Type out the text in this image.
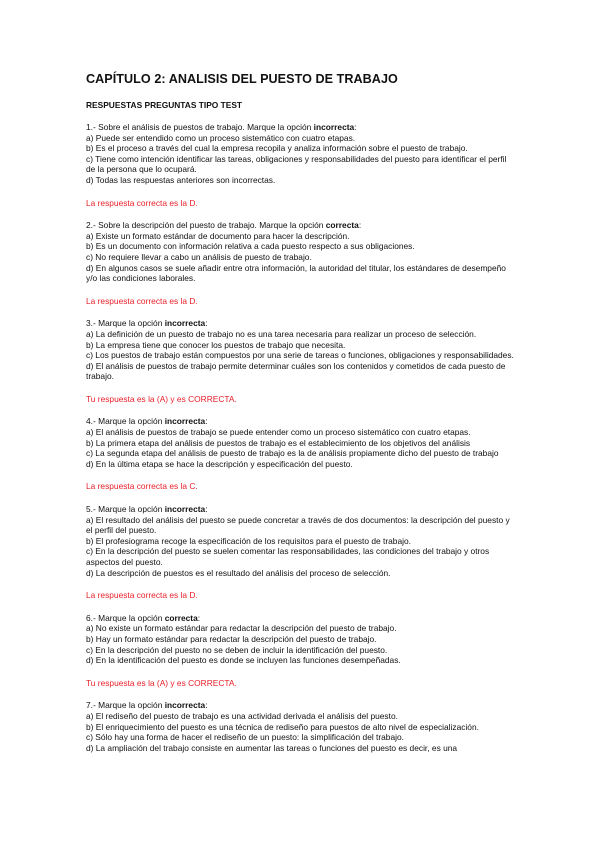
CAPÍTULO 2: ANALISIS DEL PUESTO DE TRABAJO
RESPUESTAS PREGUNTAS TIPO TEST

1.- Sobre el análisis de puestos de trabajo. Marque la opción incorrecta:

a) Puede ser entendido como un proceso sistemático con cuatro etapas.

b) Es el proceso a través del cual la empresa recopila y analiza información sobre el puesto de trabajo.

c) Tiene como intención identificar las tareas, obligaciones y responsabilidades del puesto para identificar el perfil de la persona que lo ocupará.

d) Todas las respuestas anteriores son incorrectas.

La respuesta correcta es la D.

2.- Sobre la descripción del puesto de trabajo. Marque la opción correcta:

a) Existe un formato estándar de documento para hacer la descripción.

b) Es un documento con información relativa a cada puesto respecto a sus obligaciones.

c) No requiere llevar a cabo un análisis de puesto de trabajo.

d) En algunos casos se suele añadir entre otra información, la autoridad del titular, los estándares de desempeño y/o las condiciones laborales.

La respuesta correcta es la D.

3.- Marque la opción incorrecta:

a) La definición de un puesto de trabajo no es una tarea necesaria para realizar un proceso de selección.

b) La empresa tiene que conocer los puestos de trabajo que necesita.

c) Los puestos de trabajo están compuestos por una serie de tareas o funciones, obligaciones y responsabilidades.

d) El análisis de puestos de trabajo permite determinar cuáles son los contenidos y cometidos de cada puesto de trabajo.

Tu respuesta es la (A) y es CORRECTA.

4.- Marque la opción incorrecta:

a) El análisis de puestos de trabajo se puede entender como un proceso sistemático con cuatro etapas.

b) La primera etapa del análisis de puestos de trabajo es el establecimiento de los objetivos del análisis

c) La segunda etapa del análisis de puesto de trabajo es la de análisis propiamente dicho del puesto de trabajo

d) En la última etapa se hace la descripción y especificación del puesto.

La respuesta correcta es la C.

5.- Marque la opción incorrecta:

a) El resultado del análisis del puesto se puede concretar a través de dos documentos: la descripción del puesto y el perfil del puesto.

b) El profesiograma recoge la especificación de los requisitos para el puesto de trabajo.

c) En la descripción del puesto se suelen comentar las responsabilidades, las condiciones del trabajo y otros aspectos del puesto.

d) La descripción de puestos es el resultado del análisis del proceso de selección.

La respuesta correcta es la D.

6.- Marque la opción correcta:

a) No existe un formato estándar para redactar la descripción del puesto de trabajo.

b) Hay un formato estándar para redactar la descripción del puesto de trabajo.

c) En la descripción del puesto no se deben de incluir la identificación del puesto.

d) En la identificación del puesto es donde se incluyen las funciones desempeñadas.

Tu respuesta es la (A) y es CORRECTA.

7.- Marque la opción incorrecta:

a) El rediseño del puesto de trabajo es una actividad derivada el análisis del puesto.

b) El enriquecimiento del puesto es una técnica de rediseño para puestos de alto nivel de especialización.

c) Sólo hay una forma de hacer el rediseño de un puesto: la simplificación del trabajo.

d) La ampliación del trabajo consiste en aumentar las tareas o funciones del puesto es decir, es una
